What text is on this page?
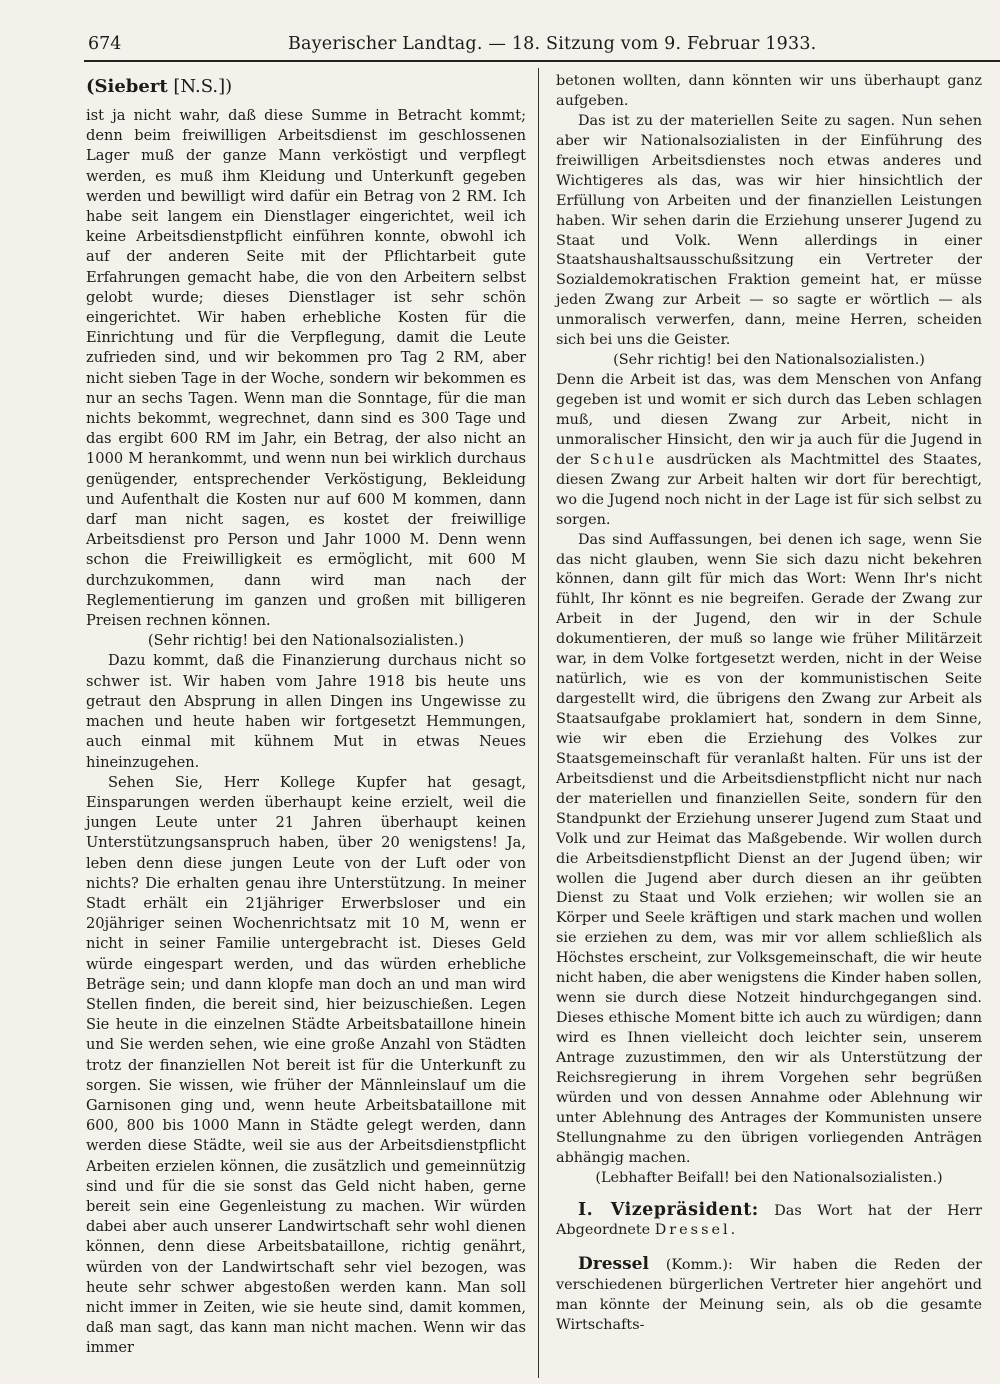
674	Bayerischer Landtag. — 18. Sitzung vom 9. Februar 1933.

(Siebert [N.S.])

ist ja nicht wahr, daß diese Summe in Betracht kommt; denn beim freiwilligen Arbeitsdienst im geschlossenen Lager muß der ganze Mann verköstigt und verpflegt werden, es muß ihm Kleidung und Unterkunft gegeben werden und bewilligt wird dafür ein Betrag von 2 RM. Ich habe seit langem ein Dienstlager eingerichtet, weil ich keine Arbeitsdienstpflicht einführen konnte, obwohl ich auf der anderen Seite mit der Pflichtarbeit gute Erfahrungen gemacht habe, die von den Arbeitern selbst gelobt wurde; dieses Dienstlager ist sehr schön eingerichtet. Wir haben erhebliche Kosten für die Einrichtung und für die Verpflegung, damit die Leute zufrieden sind, und wir bekommen pro Tag 2 RM, aber nicht sieben Tage in der Woche, sondern wir bekommen es nur an sechs Tagen. Wenn man die Sonntage, für die man nichts bekommt, wegrechnet, dann sind es 300 Tage und das ergibt 600 RM im Jahr, ein Betrag, der also nicht an 1000 M herankommt, und wenn nun bei wirklich durchaus genügender, entsprechender Verköstigung, Bekleidung und Aufenthalt die Kosten nur auf 600 M kommen, dann darf man nicht sagen, es kostet der freiwillige Arbeitsdienst pro Person und Jahr 1000 M. Denn wenn schon die Freiwilligkeit es ermöglicht, mit 600 M durchzukommen, dann wird man nach der Reglementierung im ganzen und großen mit billigeren Preisen rechnen können.

(Sehr richtig! bei den Nationalsozialisten.)

Dazu kommt, daß die Finanzierung durchaus nicht so schwer ist. Wir haben vom Jahre 1918 bis heute uns getraut den Absprung in allen Dingen ins Ungewisse zu machen und heute haben wir fortgesetzt Hemmungen, auch einmal mit kühnem Mut in etwas Neues hineinzugehen.

Sehen Sie, Herr Kollege Kupfer hat gesagt, Einsparungen werden überhaupt keine erzielt, weil die jungen Leute unter 21 Jahren überhaupt keinen Unterstützungsanspruch haben, über 20 wenigstens! Ja, leben denn diese jungen Leute von der Luft oder von nichts? Die erhalten genau ihre Unterstützung. In meiner Stadt erhält ein 21jähriger Erwerbsloser und ein 20jähriger seinen Wochenrichtsatz mit 10 M, wenn er nicht in seiner Familie untergebracht ist. Dieses Geld würde eingespart werden, und das würden erhebliche Beträge sein; und dann klopfe man doch an und man wird Stellen finden, die bereit sind, hier beizuschießen. Legen Sie heute in die einzelnen Städte Arbeitsbataillone hinein und Sie werden sehen, wie eine große Anzahl von Städten trotz der finanziellen Not bereit ist für die Unterkunft zu sorgen. Sie wissen, wie früher der Männleinslauf um die Garnisonen ging und, wenn heute Arbeitsbataillone mit 600, 800 bis 1000 Mann in Städte gelegt werden, dann werden diese Städte, weil sie aus der Arbeitsdienstpflicht Arbeiten erzielen können, die zusätzlich und gemeinnützig sind und für die sie sonst das Geld nicht haben, gerne bereit sein eine Gegenleistung zu machen. Wir würden dabei aber auch unserer Landwirtschaft sehr wohl dienen können, denn diese Arbeitsbataillone, richtig genährt, würden von der Landwirtschaft sehr viel bezogen, was heute sehr schwer abgestoßen werden kann. Man soll nicht immer in Zeiten, wie sie heute sind, damit kommen, daß man sagt, das kann man nicht machen. Wenn wir das immer

betonen wollten, dann könnten wir uns überhaupt ganz aufgeben.

Das ist zu der materiellen Seite zu sagen. Nun sehen aber wir Nationalsozialisten in der Einführung des freiwilligen Arbeitsdienstes noch etwas anderes und Wichtigeres als das, was wir hier hinsichtlich der Erfüllung von Arbeiten und der finanziellen Leistungen haben. Wir sehen darin die Erziehung unserer Jugend zu Staat und Volk. Wenn allerdings in einer Staatshaushaltsausschußsitzung ein Vertreter der Sozialdemokratischen Fraktion gemeint hat, er müsse jeden Zwang zur Arbeit — so sagte er wörtlich — als unmoralisch verwerfen, dann, meine Herren, scheiden sich bei uns die Geister.

(Sehr richtig! bei den Nationalsozialisten.)

Denn die Arbeit ist das, was dem Menschen von Anfang gegeben ist und womit er sich durch das Leben schlagen muß, und diesen Zwang zur Arbeit, nicht in unmoralischer Hinsicht, den wir ja auch für die Jugend in der Schule ausdrücken als Machtmittel des Staates, diesen Zwang zur Arbeit halten wir dort für berechtigt, wo die Jugend noch nicht in der Lage ist für sich selbst zu sorgen.

Das sind Auffassungen, bei denen ich sage, wenn Sie das nicht glauben, wenn Sie sich dazu nicht bekehren können, dann gilt für mich das Wort: Wenn Ihr's nicht fühlt, Ihr könnt es nie begreifen. Gerade der Zwang zur Arbeit in der Jugend, den wir in der Schule dokumentieren, der muß so lange wie früher Militärzeit war, in dem Volke fortgesetzt werden, nicht in der Weise natürlich, wie es von der kommunistischen Seite dargestellt wird, die übrigens den Zwang zur Arbeit als Staatsaufgabe proklamiert hat, sondern in dem Sinne, wie wir eben die Erziehung des Volkes zur Staatsgemeinschaft für veranlaßt halten. Für uns ist der Arbeitsdienst und die Arbeitsdienstpflicht nicht nur nach der materiellen und finanziellen Seite, sondern für den Standpunkt der Erziehung unserer Jugend zum Staat und Volk und zur Heimat das Maßgebende. Wir wollen durch die Arbeitsdienstpflicht Dienst an der Jugend üben; wir wollen die Jugend aber durch diesen an ihr geübten Dienst zu Staat und Volk erziehen; wir wollen sie an Körper und Seele kräftigen und stark machen und wollen sie erziehen zu dem, was mir vor allem schließlich als Höchstes erscheint, zur Volksgemeinschaft, die wir heute nicht haben, die aber wenigstens die Kinder haben sollen, wenn sie durch diese Notzeit hindurchgegangen sind. Dieses ethische Moment bitte ich auch zu würdigen; dann wird es Ihnen vielleicht doch leichter sein, unserem Antrage zuzustimmen, den wir als Unterstützung der Reichsregierung in ihrem Vorgehen sehr begrüßen würden und von dessen Annahme oder Ablehnung wir unter Ablehnung des Antrages der Kommunisten unsere Stellungnahme zu den übrigen vorliegenden Anträgen abhängig machen.

(Lebhafter Beifall! bei den Nationalsozialisten.)

I. Vizepräsident: Das Wort hat der Herr Abgeordnete Dressel.

Dressel (Komm.): Wir haben die Reden der verschiedenen bürgerlichen Vertreter hier angehört und man könnte der Meinung sein, als ob die gesamte Wirtschafts-
